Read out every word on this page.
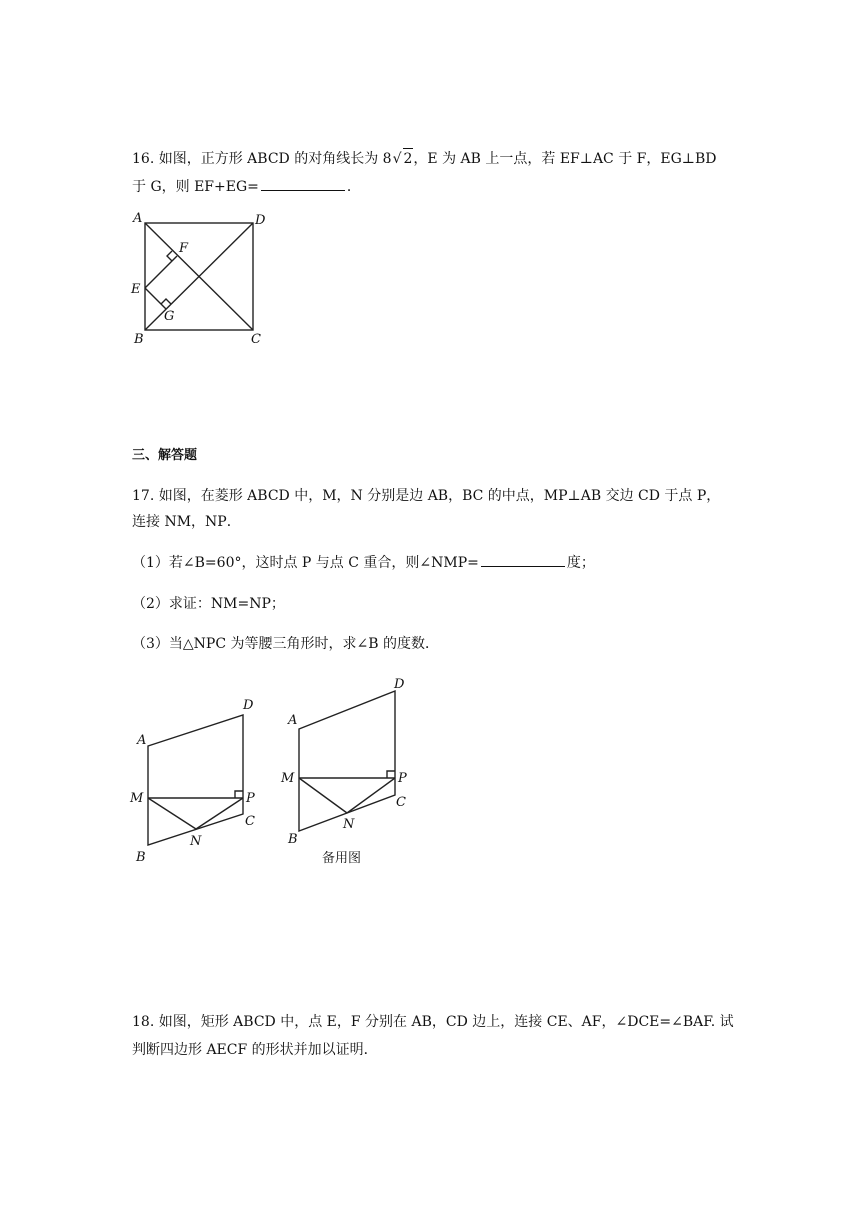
16. 如图，正方形 ABCD 的对角线长为 8√ 2，E 为 AB 上一点，若 EF⊥AC 于 F，EG⊥BD
于 G，则 EF+EG=	．
三、解答题
17. 如图，在菱形 ABCD 中，M，N 分别是边 AB，BC 的中点，MP⊥AB 交边 CD 于点 P，
连接 NM，NP．
（1）若∠B=60°，这时点 P 与点 C 重合，则∠NMP=	度；
（2）求证：NM=NP；
（3）当△NPC 为等腰三角形时，求∠B 的度数．
18. 如图，矩形 ABCD 中，点 E，F 分别在 AB，CD 边上，连接 CE、AF，∠DCE=∠BAF. 试
判断四边形 AECF 的形状并加以证明．
A	D
F
E
G
B	C
A
D
M	P
C
N
B
A
D
M	P
C
N
B
备用图
